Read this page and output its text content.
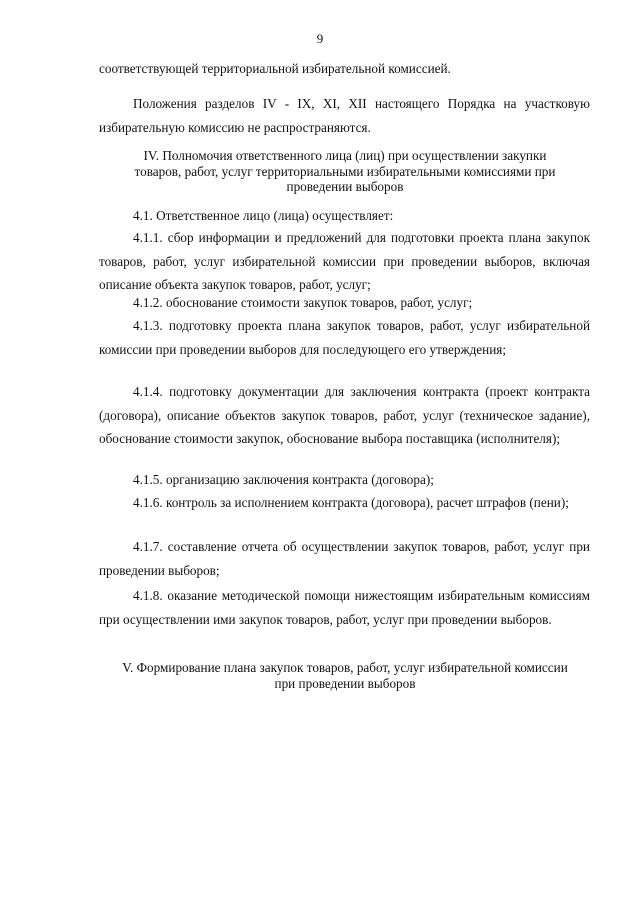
9
соответствующей территориальной избирательной комиссией.
Положения разделов IV - IX, XI, XII настоящего Порядка на участковую избирательную комиссию не распространяются.
IV. Полномочия ответственного лица (лиц) при осуществлении закупки товаров, работ, услуг территориальными избирательными комиссиями при проведении выборов
4.1. Ответственное лицо (лица) осуществляет:
4.1.1. сбор информации и предложений для подготовки проекта плана закупок товаров, работ, услуг избирательной комиссии при проведении выборов, включая описание объекта закупок товаров, работ, услуг;
4.1.2. обоснование стоимости закупок товаров, работ, услуг;
4.1.3. подготовку проекта плана закупок товаров, работ, услуг избирательной комиссии при проведении выборов для последующего его утверждения;
4.1.4. подготовку документации для заключения контракта (проект контракта (договора), описание объектов закупок товаров, работ, услуг (техническое задание), обоснование стоимости закупок, обоснование выбора поставщика (исполнителя);
4.1.5. организацию заключения контракта (договора);
4.1.6. контроль за исполнением контракта (договора), расчет штрафов (пени);
4.1.7. составление отчета об осуществлении закупок товаров, работ, услуг при проведении выборов;
4.1.8. оказание методической помощи нижестоящим избирательным комиссиям при осуществлении ими закупок товаров, работ, услуг при проведении выборов.
V. Формирование плана закупок товаров, работ, услуг избирательной комиссии при проведении выборов
